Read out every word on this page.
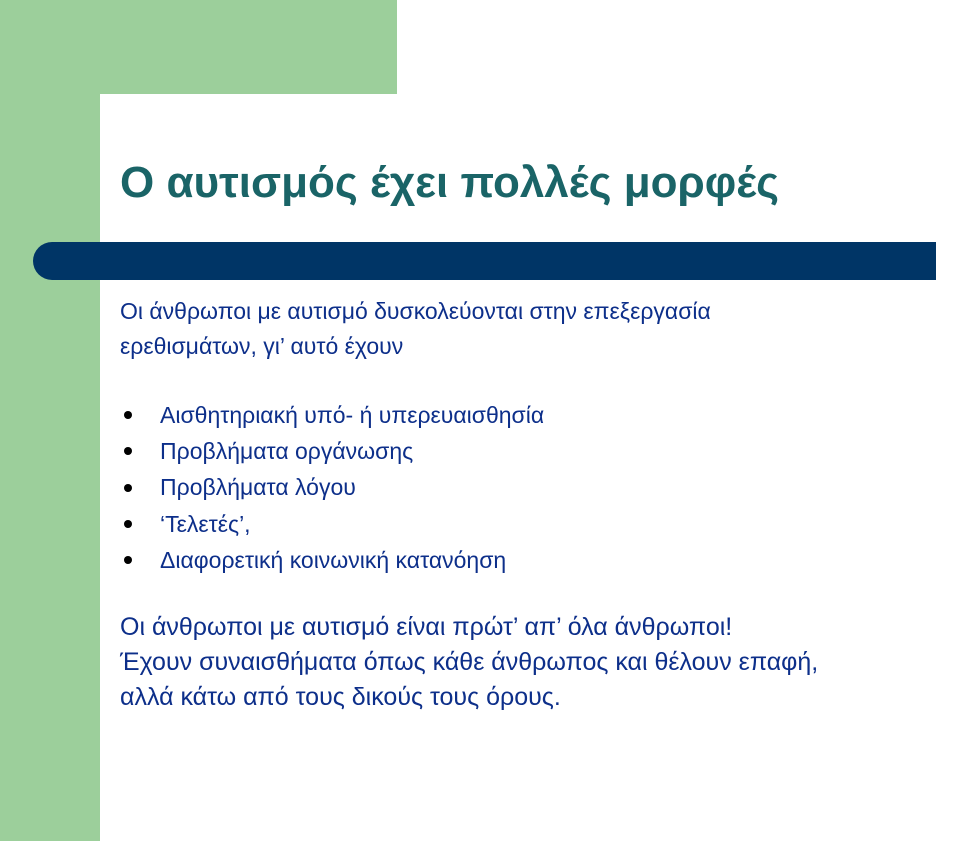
Ο αυτισμός έχει πολλές μορφές

Οι άνθρωποι με αυτισμό δυσκολεύονται στην επεξεργασία
ερεθισμάτων, γι’ αυτό έχουν

Αισθητηριακή υπό- ή υπερευαισθησία
Προβλήματα οργάνωσης
Προβλήματα λόγου
‘Τελετές’,
Διαφορετική κοινωνική κατανόηση

Οι άνθρωποι με αυτισμό είναι πρώτ’ απ’ όλα άνθρωποι!
Έχουν συναισθήματα όπως κάθε άνθρωπος και θέλουν επαφή,
αλλά κάτω από τους δικούς τους όρους.
